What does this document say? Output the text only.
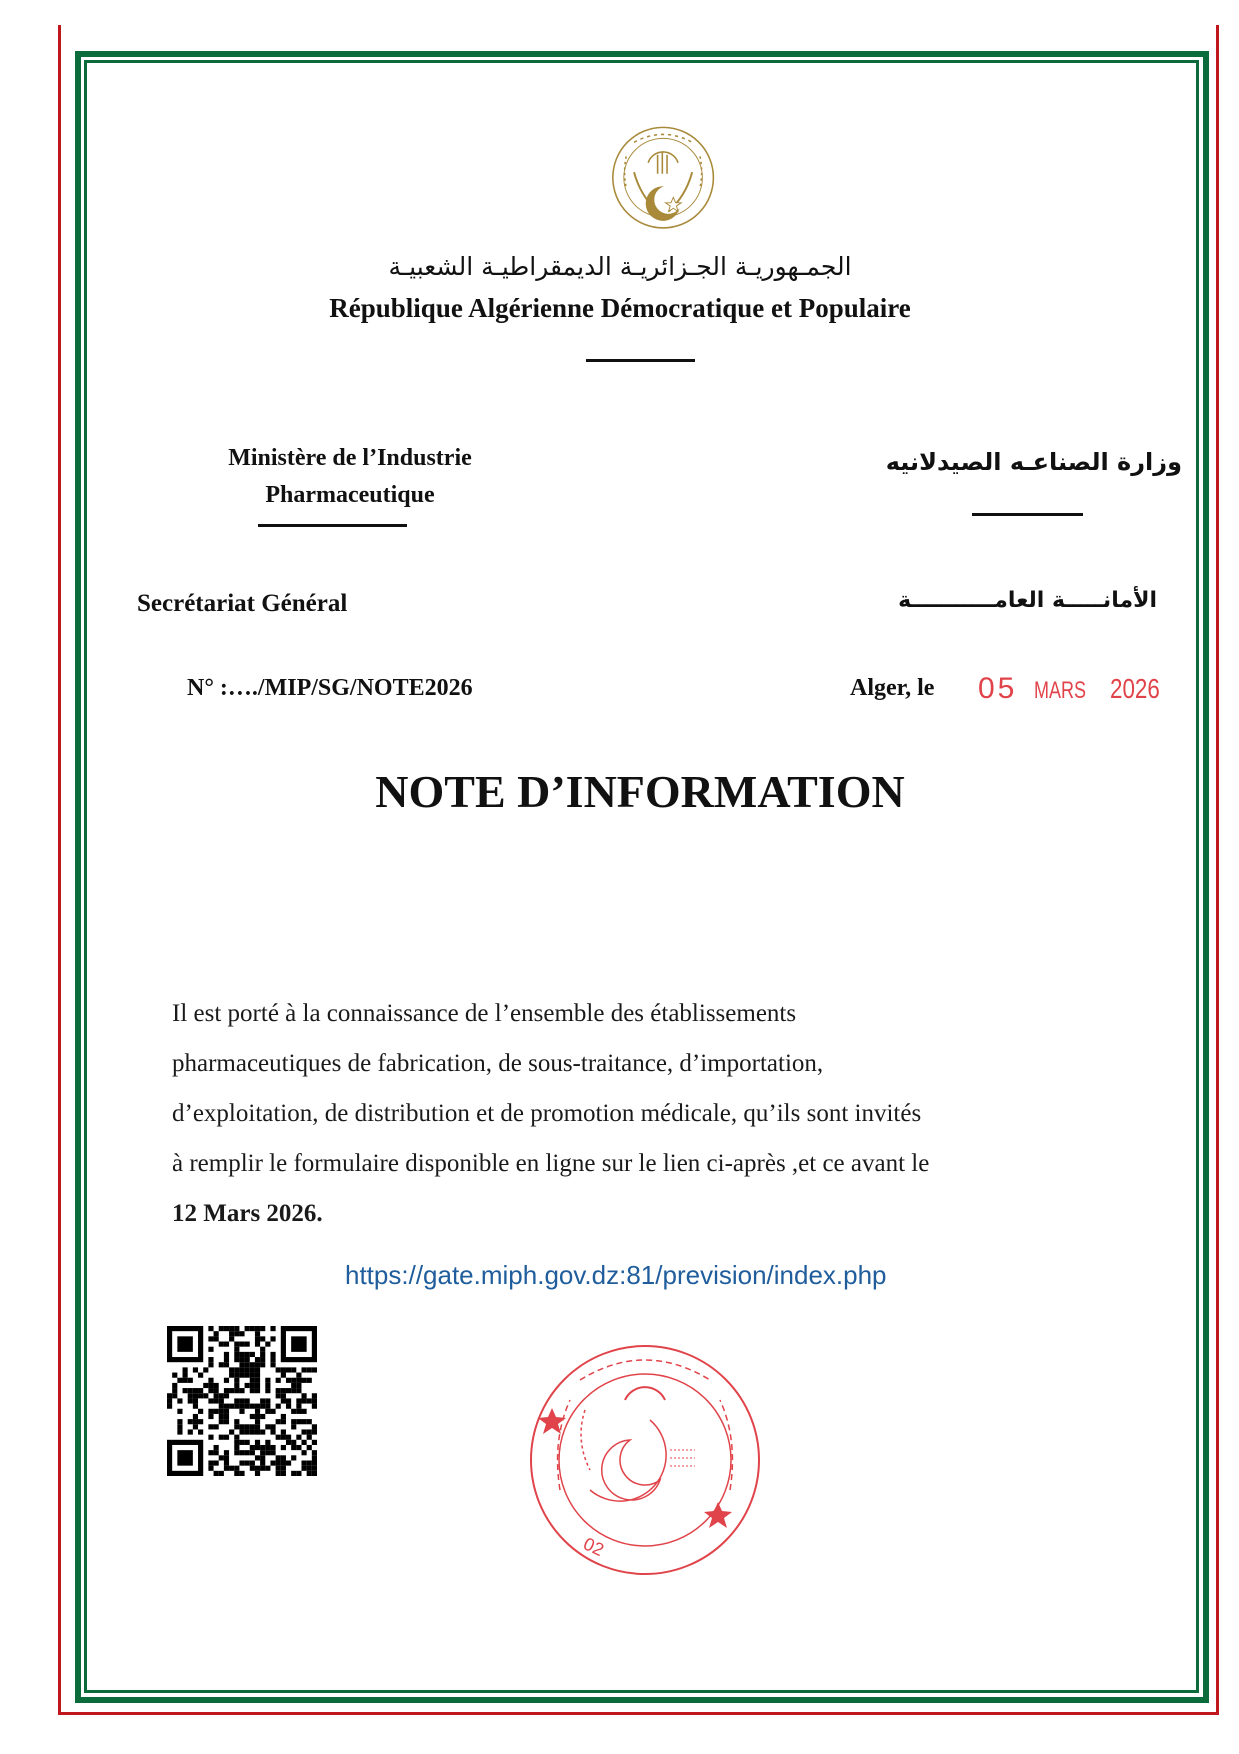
الجمـهوريـة الجـزائريـة الديمقراطيـة الشعبيـة
République Algérienne Démocratique et Populaire
Ministère de l’Industrie
Pharmaceutique
وزارة الصناعـه الصيدلانيه
Secrétariat Général	الأمانـــــة العامـــــــــــة
N° :…./MIP/SG/NOTE2026	Alger, le 05 MARS 2026
NOTE D’INFORMATION
Il est porté à la connaissance de l’ensemble des établissements
pharmaceutiques de fabrication, de sous-traitance, d’importation,
d’exploitation, de distribution et de promotion médicale, qu’ils sont invités
à remplir le formulaire disponible en ligne sur le lien ci-après ,et ce avant le
12 Mars 2026.
https://gate.miph.gov.dz:81/prevision/index.php
02
